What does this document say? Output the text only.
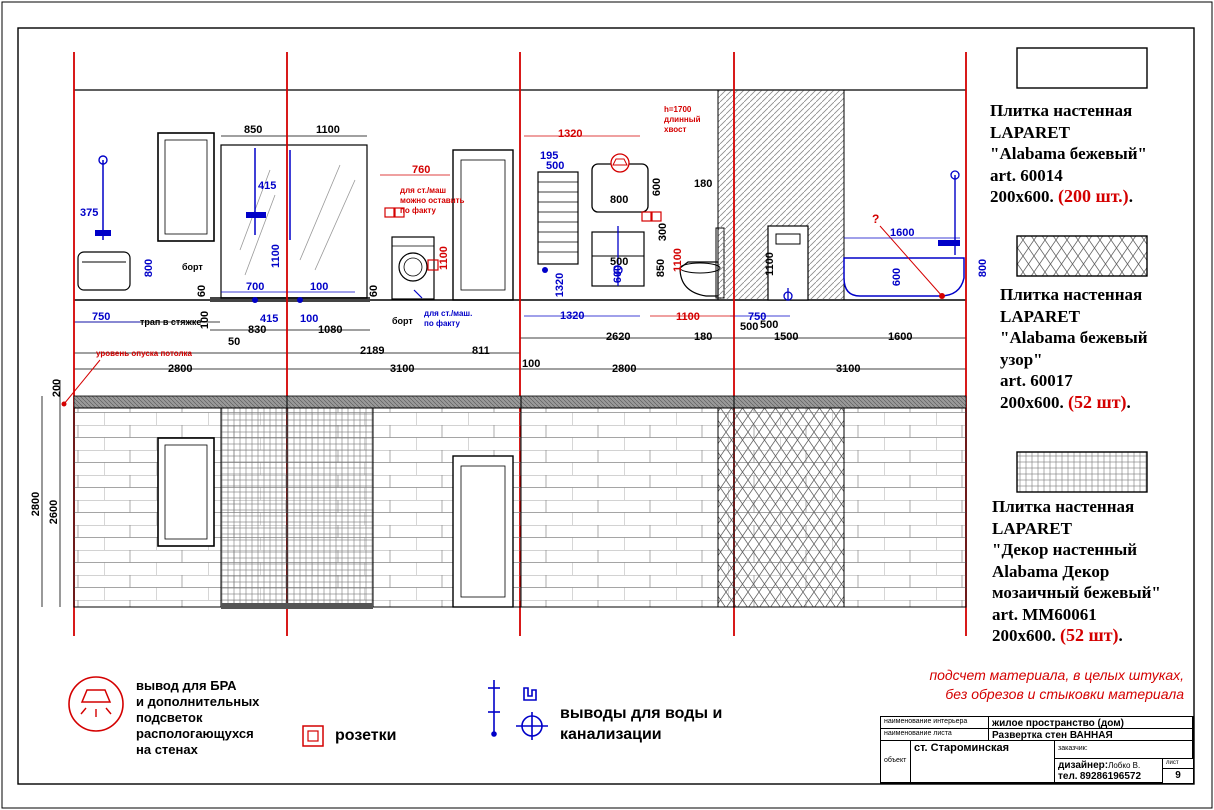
850	1100
750
830
50
1080
2189	811
100
2620	180	1500
500
1600
2800	3100	2800	3100
180
375
800
415
1100
700	100
415 100
195
500
500
1320
600
800
600
750
500
1600
800
600
1320
1100
760
1100
1320
850
300
1100
1100
60	60
100
борт
борт
трап в стяжке
для ст./маш
можно оставить
по факту
для ст./маш.
по факту
h=1700
длинный
хвост
уровень опуска потолка
?
200
2800 2600
Плитка настенная
LAPARET
"Alabama бежевый"
art. 60014
200x600. (200 шт.).
Плитка настенная
LAPARET
"Alabama бежевый
узор"
art. 60017
200x600. (52 шт).
Плитка настенная
LAPARET
"Декор настенный
Alabama Декор
мозаичный бежевый"
art. MM60061
200x600. (52 шт).
подсчет материала, в целых штуках,
без обрезов и стыковки материала
вывод для БРА
и дополнительных
подсветок
распологающухся
на стенах
розетки
выводы для воды и
канализации
наименование интерьера	жилое пространство (дом)
наименование листа	Развертка стен ВАННАЯ
объект
ст. Староминская	заказчик:
дизайнер:Лобко В.
тел. 89286196572
лист
9
